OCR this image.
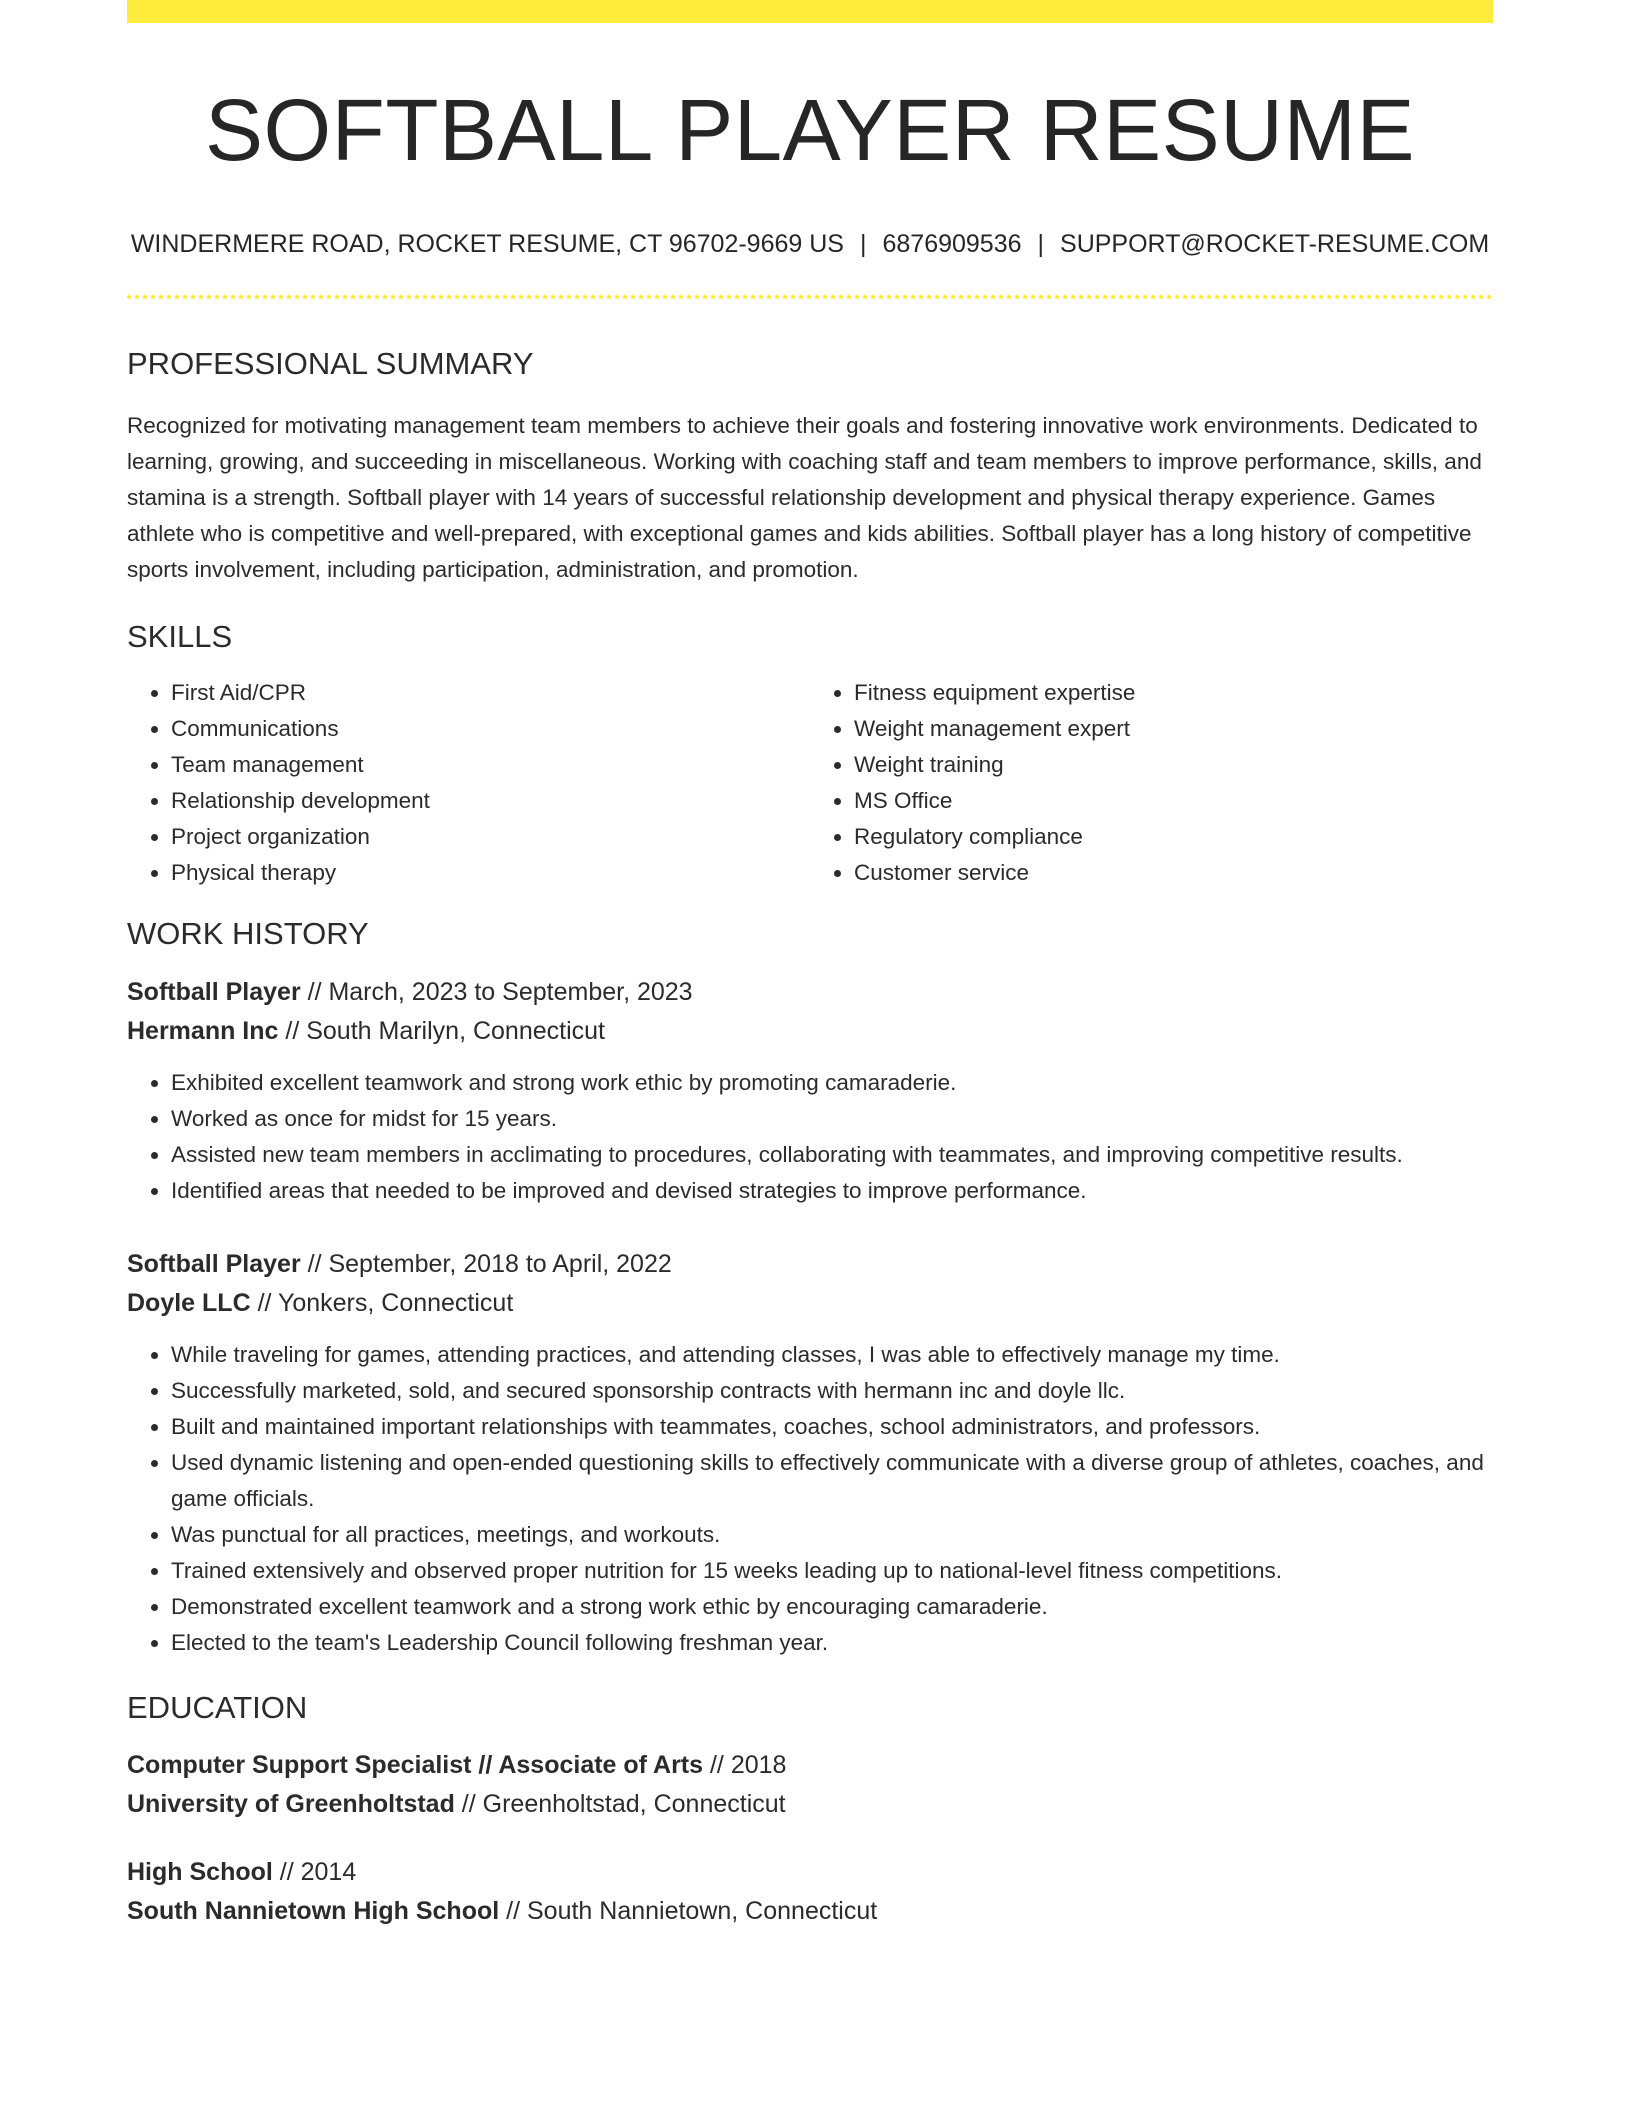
SOFTBALL PLAYER RESUME
WINDERMERE ROAD, ROCKET RESUME, CT 96702-9669 US | 6876909536 | SUPPORT@ROCKET-RESUME.COM
PROFESSIONAL SUMMARY

Recognized for motivating management team members to achieve their goals and fostering innovative work environments. Dedicated to learning, growing, and succeeding in miscellaneous. Working with coaching staff and team members to improve performance, skills, and stamina is a strength. Softball player with 14 years of successful relationship development and physical therapy experience. Games athlete who is competitive and well-prepared, with exceptional games and kids abilities. Softball player has a long history of competitive sports involvement, including participation, administration, and promotion.

SKILLS
• First Aid/CPR
• Communications
• Team management
• Relationship development
• Project organization
• Physical therapy
• Fitness equipment expertise
• Weight management expert
• Weight training
• MS Office
• Regulatory compliance
• Customer service
WORK HISTORY
Softball Player // March, 2023 to September, 2023
Hermann Inc // South Marilyn, Connecticut
• Exhibited excellent teamwork and strong work ethic by promoting camaraderie.
• Worked as once for midst for 15 years.
• Assisted new team members in acclimating to procedures, collaborating with teammates, and improving competitive results.
• Identified areas that needed to be improved and devised strategies to improve performance.
Softball Player // September, 2018 to April, 2022
Doyle LLC // Yonkers, Connecticut
• While traveling for games, attending practices, and attending classes, I was able to effectively manage my time.
• Successfully marketed, sold, and secured sponsorship contracts with hermann inc and doyle llc.
• Built and maintained important relationships with teammates, coaches, school administrators, and professors.
• Used dynamic listening and open-ended questioning skills to effectively communicate with a diverse group of athletes, coaches, and game officials.
• Was punctual for all practices, meetings, and workouts.
• Trained extensively and observed proper nutrition for 15 weeks leading up to national-level fitness competitions.
• Demonstrated excellent teamwork and a strong work ethic by encouraging camaraderie.
• Elected to the team's Leadership Council following freshman year.
EDUCATION
Computer Support Specialist // Associate of Arts // 2018
University of Greenholtstad // Greenholtstad, Connecticut
High School // 2014
South Nannietown High School // South Nannietown, Connecticut
